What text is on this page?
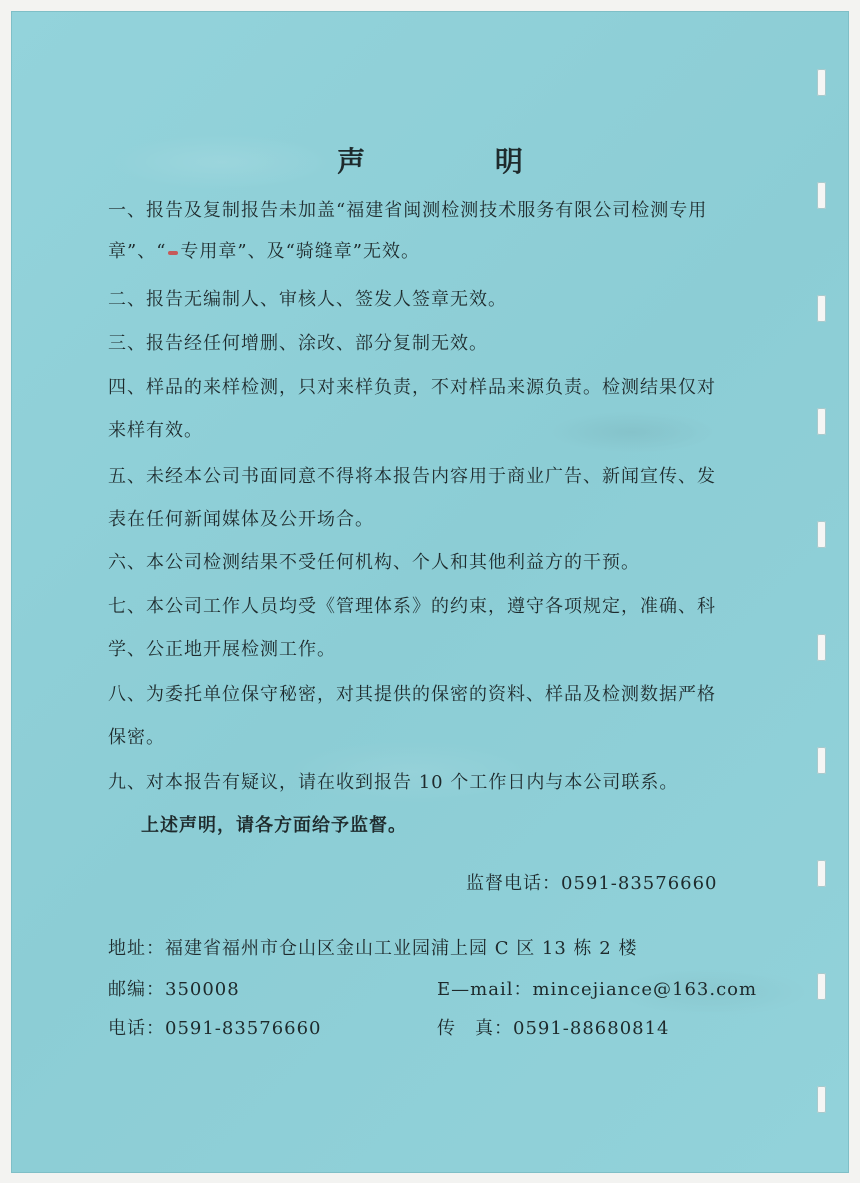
声 明
一、报告及复制报告未加盖“福建省闽测检测技术服务有限公司检测专用
章”、“ 专用章”、及“骑缝章”无效。
二、报告无编制人、审核人、签发人签章无效。
三、报告经任何增删、涂改、部分复制无效。
四、样品的来样检测，只对来样负责，不对样品来源负责。检测结果仅对
来样有效。
五、未经本公司书面同意不得将本报告内容用于商业广告、新闻宣传、发
表在任何新闻媒体及公开场合。
六、本公司检测结果不受任何机构、个人和其他利益方的干预。
七、本公司工作人员均受《管理体系》的约束，遵守各项规定，准确、科
学、公正地开展检测工作。
八、为委托单位保守秘密，对其提供的保密的资料、样品及检测数据严格
保密。
九、对本报告有疑议，请在收到报告 10 个工作日内与本公司联系。
上述声明，请各方面给予监督。
监督电话：0591-83576660
地址：福建省福州市仓山区金山工业园浦上园 C 区 13 栋 2 楼
邮编：350008	E—mail：mincejiance@163.com
电话：0591-83576660	传　真：0591-88680814
